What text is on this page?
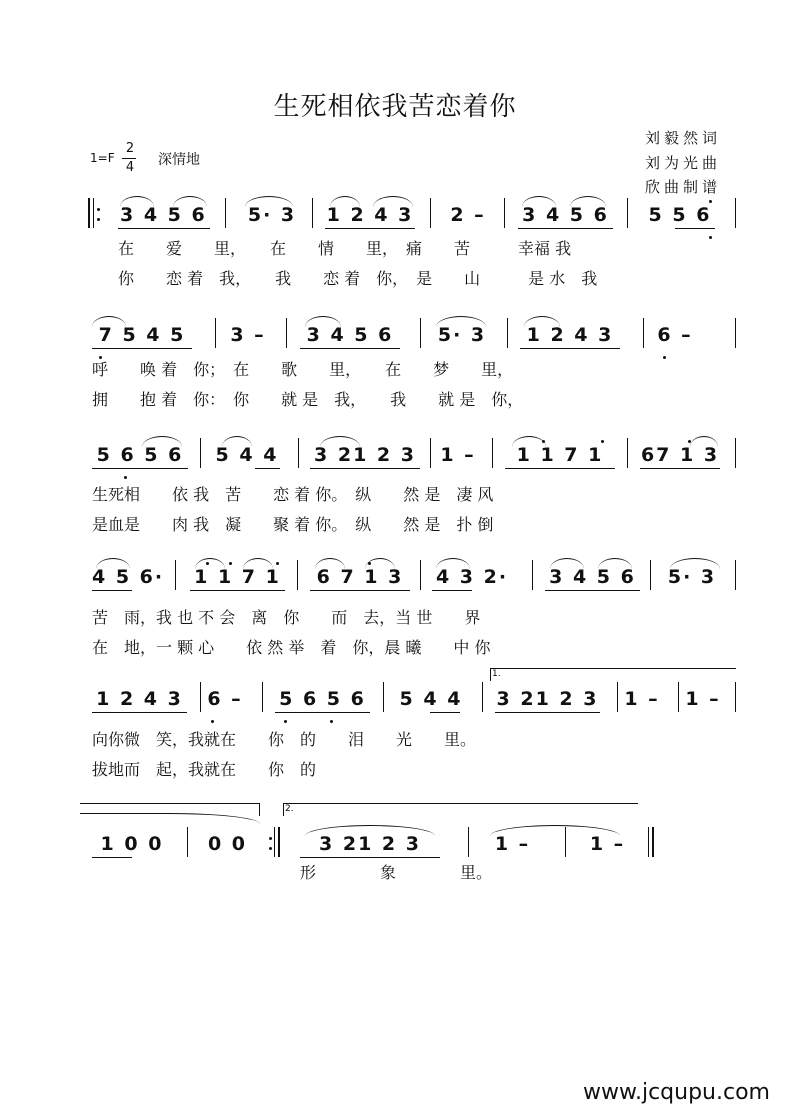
生死相依我苦恋着你
刘毅然词
刘为光曲
欣曲制谱
1=F
2
4 深情地
3 4 5 6	5· 3	1 2 4 3 2 – 3 4 5 6	5 5 6
在　　爱　　里，　　在　　情　　里，　痛　　苦　　　幸福 我
你　　恋 着　我，　　我　　恋 着　你，　是　　山　　　是 水　我
7 5 4 5	3 –	3 4 5 6	5· 3	1 2 4 3	6 –
呼　　唤 着　你；　在　　歌　　里，　　在　　梦　　里，
拥　　抱 着　你：　你　　就 是　我，　　我　　就 是　你，
5 6 5 6 5 4 4 3 21 2 3 1 –	1 1 7 1	67 1 3
生死相　　依 我　苦　　恋 着 你。　纵　　然 是　凄 风
是血是　　肉 我　凝　　聚 着 你。　纵　　然 是　扑 倒
4 5 6· 1 1 7 1	6 7 1 3	4 3 2· 3 4 5 6	5· 3
苦　雨，我 也 不 会　离　你　　而　去，当 世　　界
在　地，一 颗 心　　依 然 举　着　你，晨 曦　　中 你
1.
1 2 4 3 6 – 5 6 5 6 5 4 4 3 21 2 3 1 – 1 –
向你微　笑，我就在　　你　的　　泪　　光　　里。
拔地而　起，我就在　　你　的
2.
1 0 0	0 0	3 21 2 3	1 –	1 –
形　　　　象　　　　里。
www.jcqupu.com
